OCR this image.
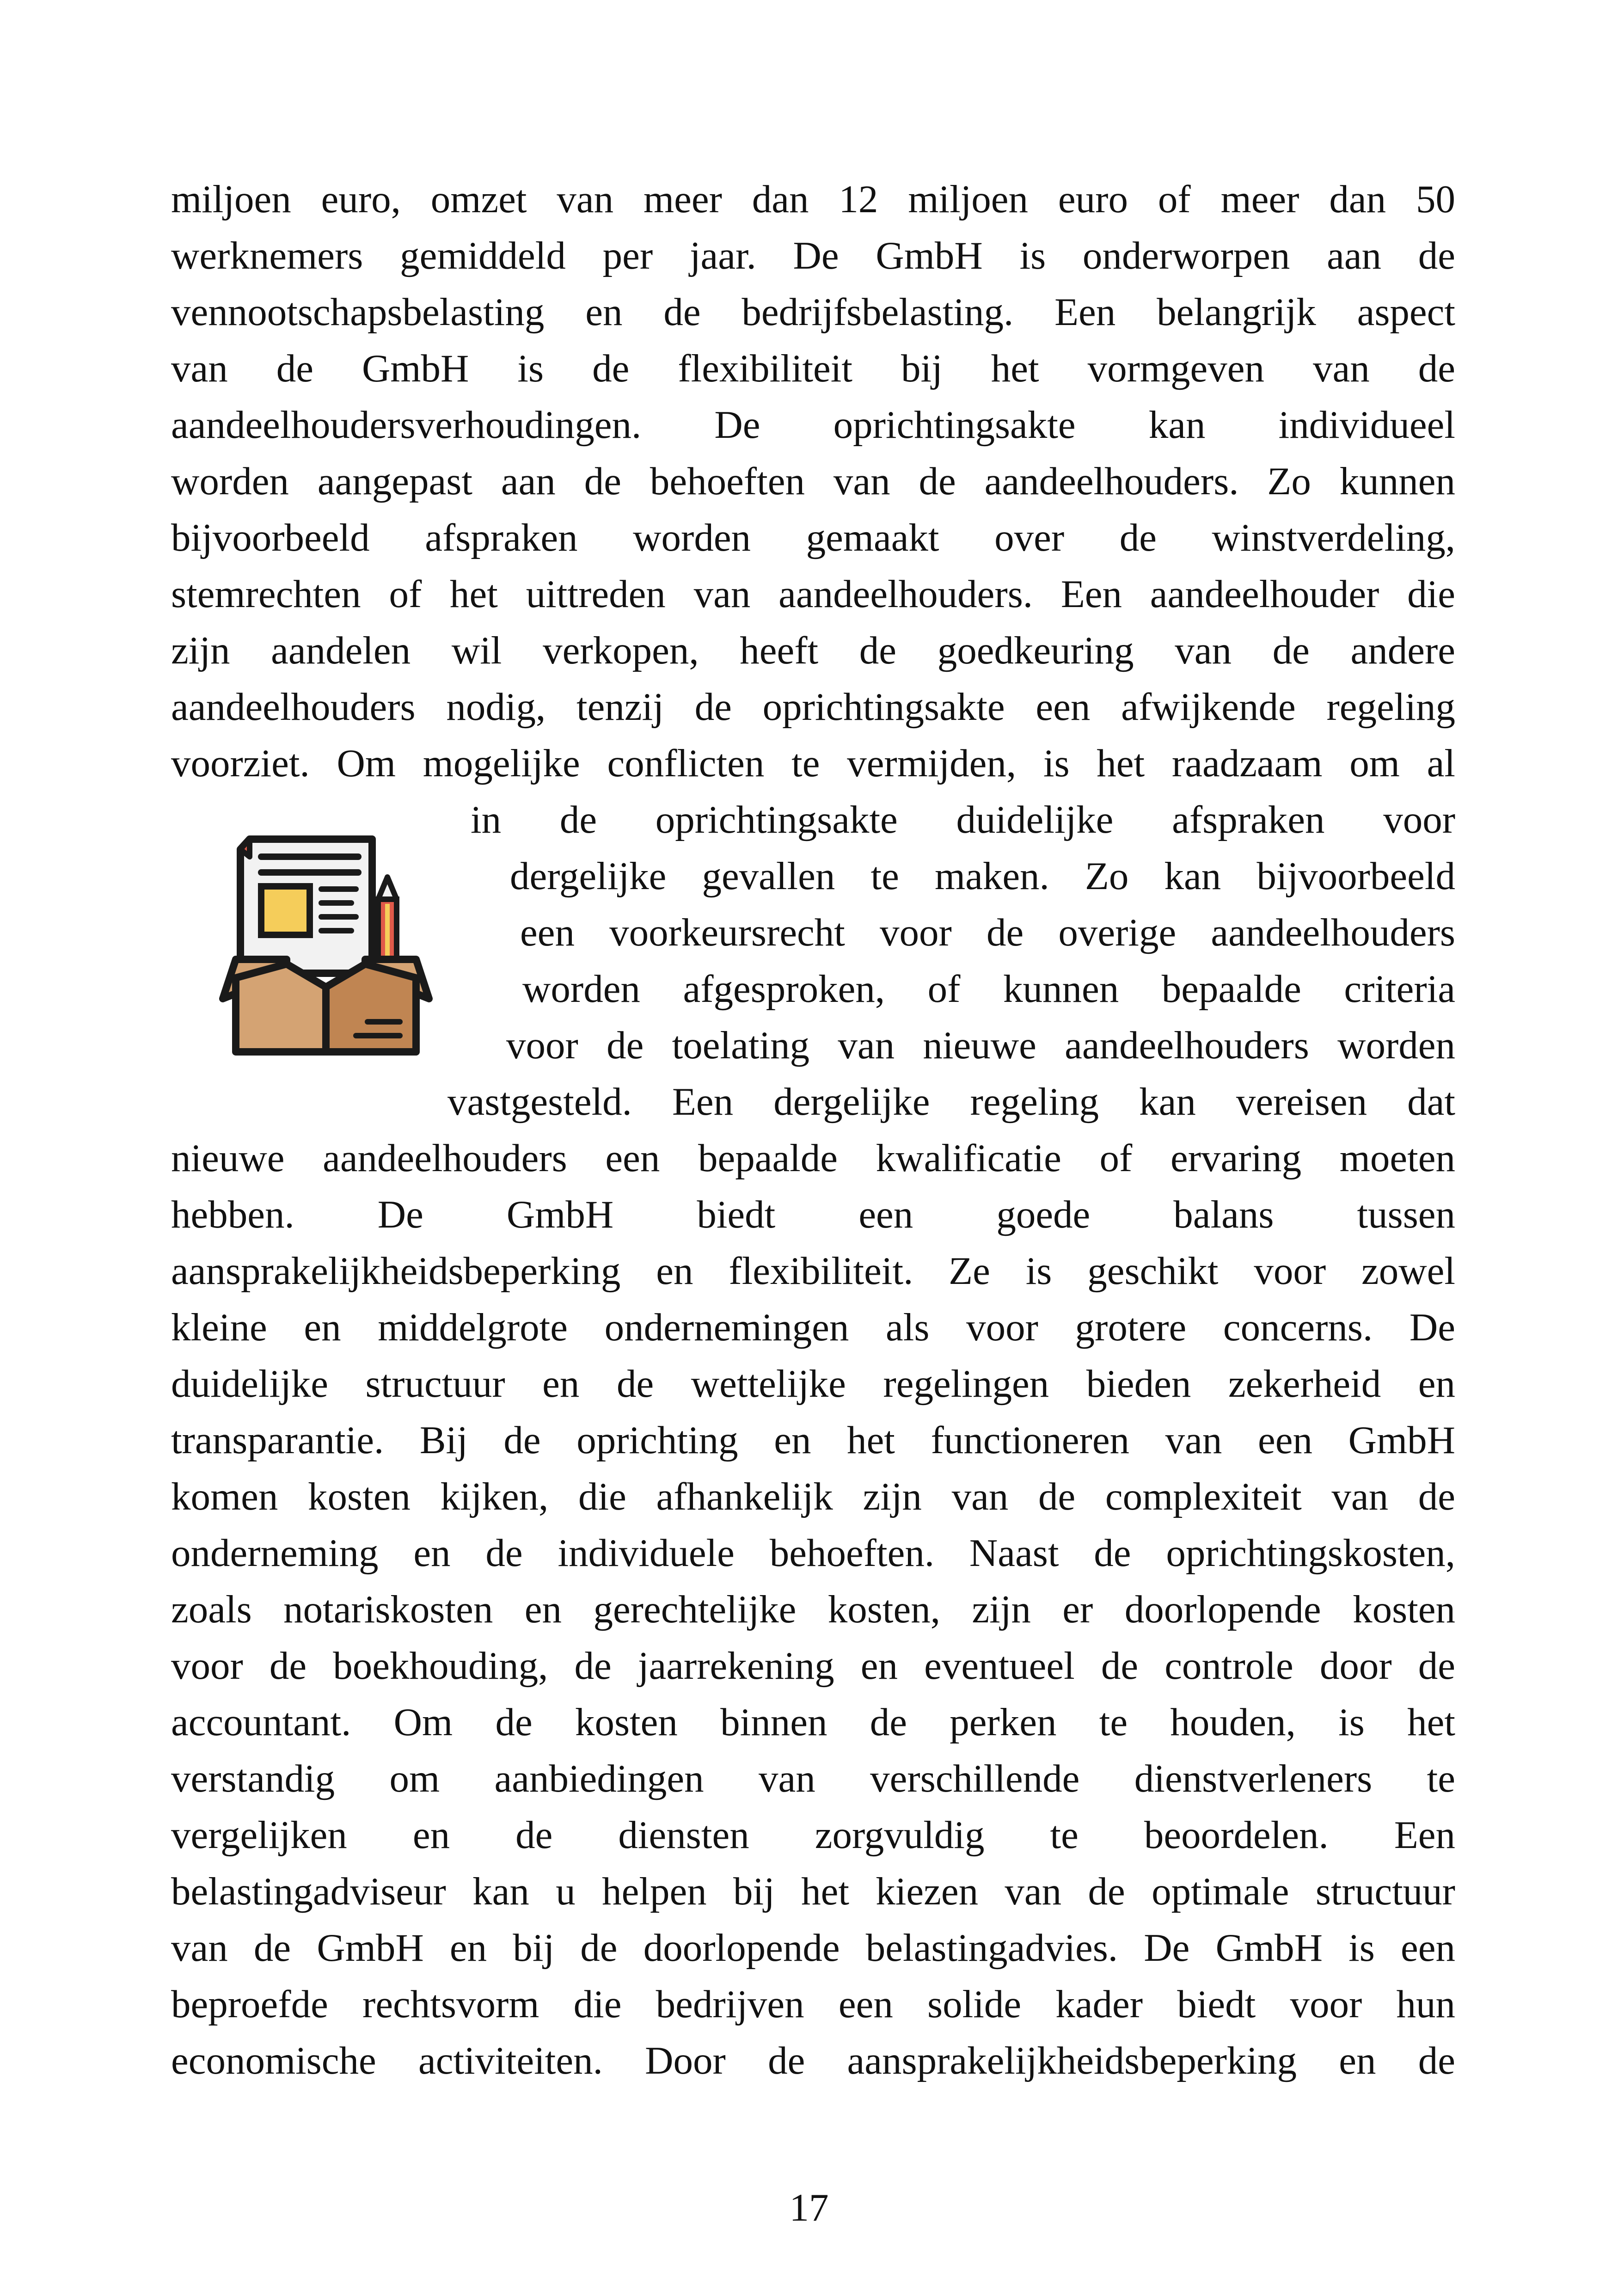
miljoen euro, omzet van meer dan 12 miljoen euro of meer dan 50
werknemers gemiddeld per jaar. De GmbH is onderworpen aan de
vennootschapsbelasting en de bedrijfsbelasting. Een belangrijk aspect
van de GmbH is de flexibiliteit bij het vormgeven van de
aandeelhoudersverhoudingen. De oprichtingsakte kan individueel
worden aangepast aan de behoeften van de aandeelhouders. Zo kunnen
bijvoorbeeld afspraken worden gemaakt over de winstverdeling,
stemrechten of het uittreden van aandeelhouders. Een aandeelhouder die
zijn aandelen wil verkopen, heeft de goedkeuring van de andere
aandeelhouders nodig, tenzij de oprichtingsakte een afwijkende regeling
voorziet. Om mogelijke conflicten te vermijden, is het raadzaam om al
in de oprichtingsakte duidelijke afspraken voor
dergelijke gevallen te maken. Zo kan bijvoorbeeld
een voorkeursrecht voor de overige aandeelhouders
worden afgesproken, of kunnen bepaalde criteria
voor de toelating van nieuwe aandeelhouders worden
vastgesteld. Een dergelijke regeling kan vereisen dat
nieuwe aandeelhouders een bepaalde kwalificatie of ervaring moeten
hebben. De GmbH biedt een goede balans tussen
aansprakelijkheidsbeperking en flexibiliteit. Ze is geschikt voor zowel
kleine en middelgrote ondernemingen als voor grotere concerns. De
duidelijke structuur en de wettelijke regelingen bieden zekerheid en
transparantie. Bij de oprichting en het functioneren van een GmbH
komen kosten kijken, die afhankelijk zijn van de complexiteit van de
onderneming en de individuele behoeften. Naast de oprichtingskosten,
zoals notariskosten en gerechtelijke kosten, zijn er doorlopende kosten
voor de boekhouding, de jaarrekening en eventueel de controle door de
accountant. Om de kosten binnen de perken te houden, is het
verstandig om aanbiedingen van verschillende dienstverleners te
vergelijken en de diensten zorgvuldig te beoordelen. Een
belastingadviseur kan u helpen bij het kiezen van de optimale structuur
van de GmbH en bij de doorlopende belastingadvies. De GmbH is een
beproefde rechtsvorm die bedrijven een solide kader biedt voor hun
economische activiteiten. Door de aansprakelijkheidsbeperking en de
17
